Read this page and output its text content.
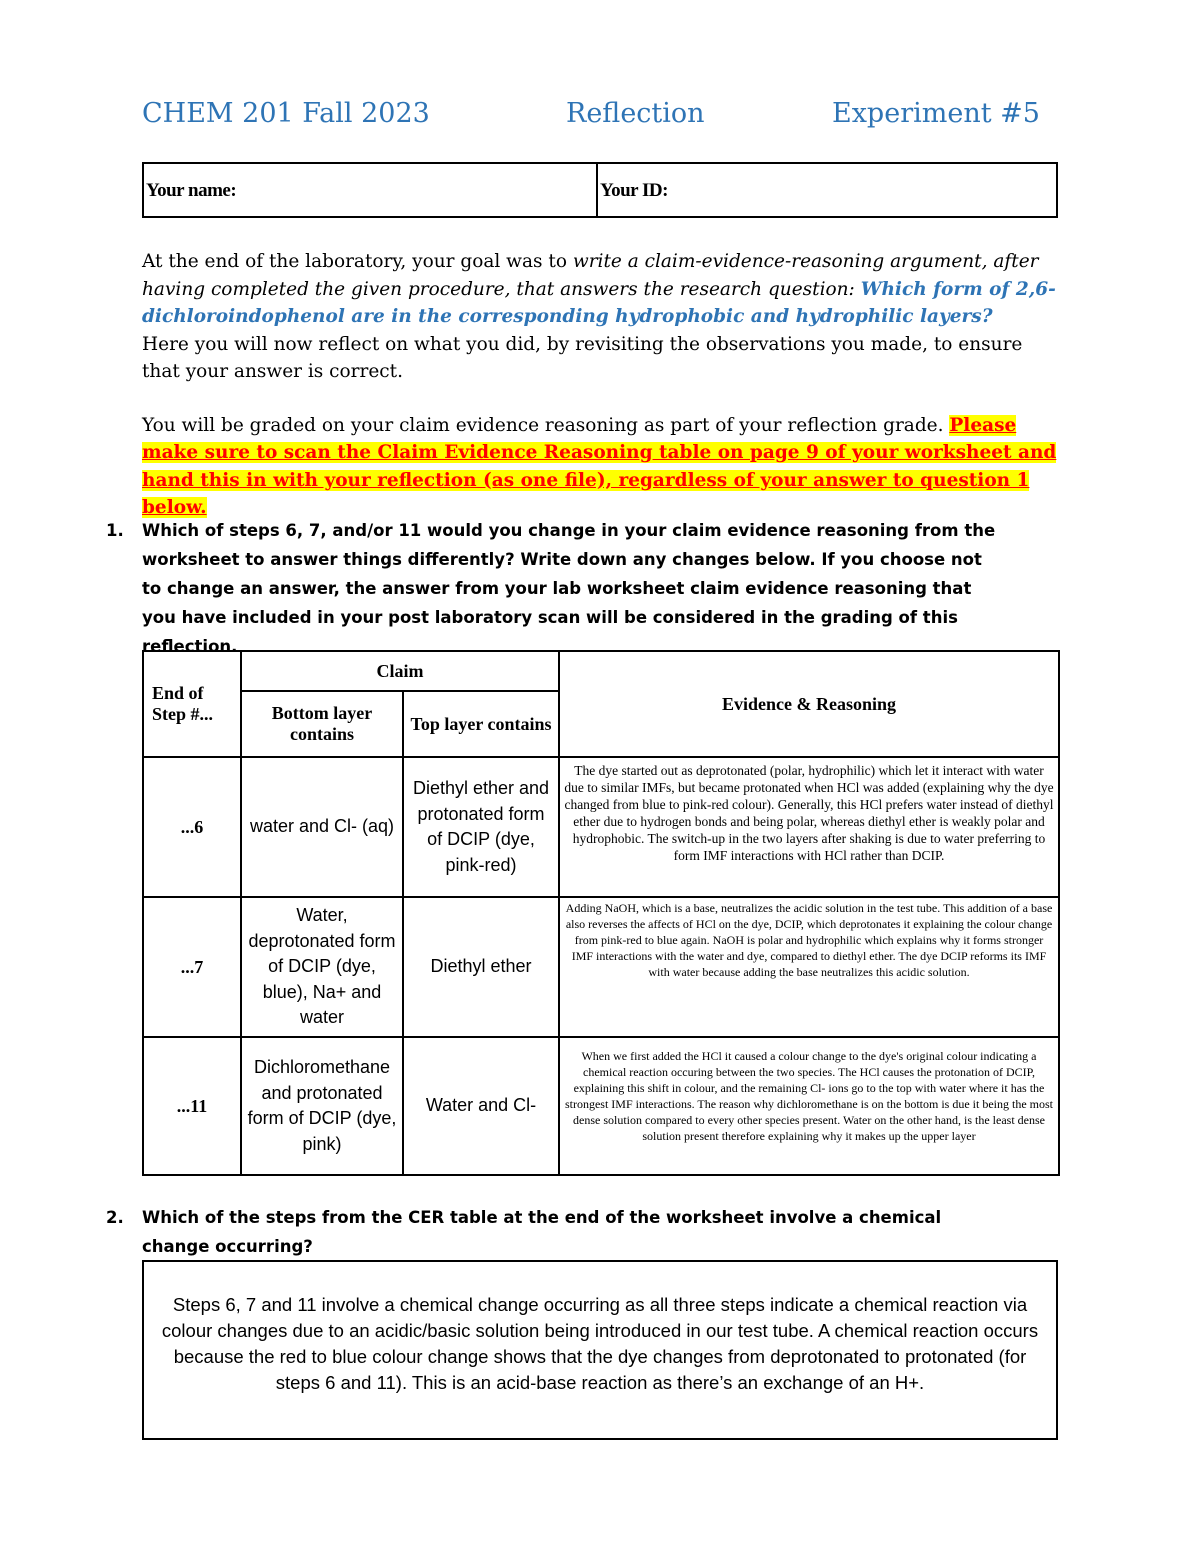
CHEM 201 Fall 2023	Reflection	Experiment #5
Your name:	Your ID:

At the end of the laboratory, your goal was to write a claim-evidence-reasoning argument, after having completed the given procedure, that answers the research question: Which form of 2,6-dichloroindophenol are in the corresponding hydrophobic and hydrophilic layers?
Here you will now reflect on what you did, by revisiting the observations you made, to ensure that your answer is correct.

You will be graded on your claim evidence reasoning as part of your reflection grade. Please make sure to scan the Claim Evidence Reasoning table on page 9 of your worksheet and hand this in with your reflection (as one file), regardless of your answer to question 1 below.

1. Which of steps 6, 7, and/or 11 would you change in your claim evidence reasoning from the worksheet to answer things differently? Write down any changes below. If you choose not to change an answer, the answer from your lab worksheet claim evidence reasoning that you have included in your post laboratory scan will be considered in the grading of this reflection.
End of Step #...	Claim		Evidence & Reasoning
	Bottom layer contains	Top layer contains	
...6	water and Cl- (aq)	Diethyl ether and protonated form of DCIP (dye, pink-red)	The dye started out as deprotonated (polar, hydrophilic) which let it interact with water due to similar IMFs, but became protonated when HCl was added (explaining why the dye changed from blue to pink-red colour). Generally, this HCl prefers water instead of diethyl ether due to hydrogen bonds and being polar, whereas diethyl ether is weakly polar and hydrophobic. The switch-up in the two layers after shaking is due to water preferring to form IMF interactions with HCl rather than DCIP.
...7	Water, deprotonated form of DCIP (dye, blue), Na+ and water	Diethyl ether	Adding NaOH, which is a base, neutralizes the acidic solution in the test tube. This addition of a base also reverses the affects of HCl on the dye, DCIP, which deprotonates it explaining the colour change from pink-red to blue again. NaOH is polar and hydrophilic which explains why it forms stronger IMF interactions with the water and dye, compared to diethyl ether. The dye DCIP reforms its IMF with water because adding the base neutralizes this acidic solution.
...11	Dichloromethane and protonated form of DCIP (dye, pink)	Water and Cl-	When we first added the HCl it caused a colour change to the dye's original colour indicating a chemical reaction occuring between the two species. The HCl causes the protonation of DCIP, explaining this shift in colour, and the remaining Cl- ions go to the top with water where it has the strongest IMF interactions. The reason why dichloromethane is on the bottom is due it being the most dense solution compared to every other species present. Water on the other hand, is the least dense solution present therefore explaining why it makes up the upper layer
2. Which of the steps from the CER table at the end of the worksheet involve a chemical change occurring?
Steps 6, 7 and 11 involve a chemical change occurring as all three steps indicate a chemical reaction via colour changes due to an acidic/basic solution being introduced in our test tube. A chemical reaction occurs because the red to blue colour change shows that the dye changes from deprotonated to protonated (for steps 6 and 11). This is an acid-base reaction as there’s an exchange of an H+.
